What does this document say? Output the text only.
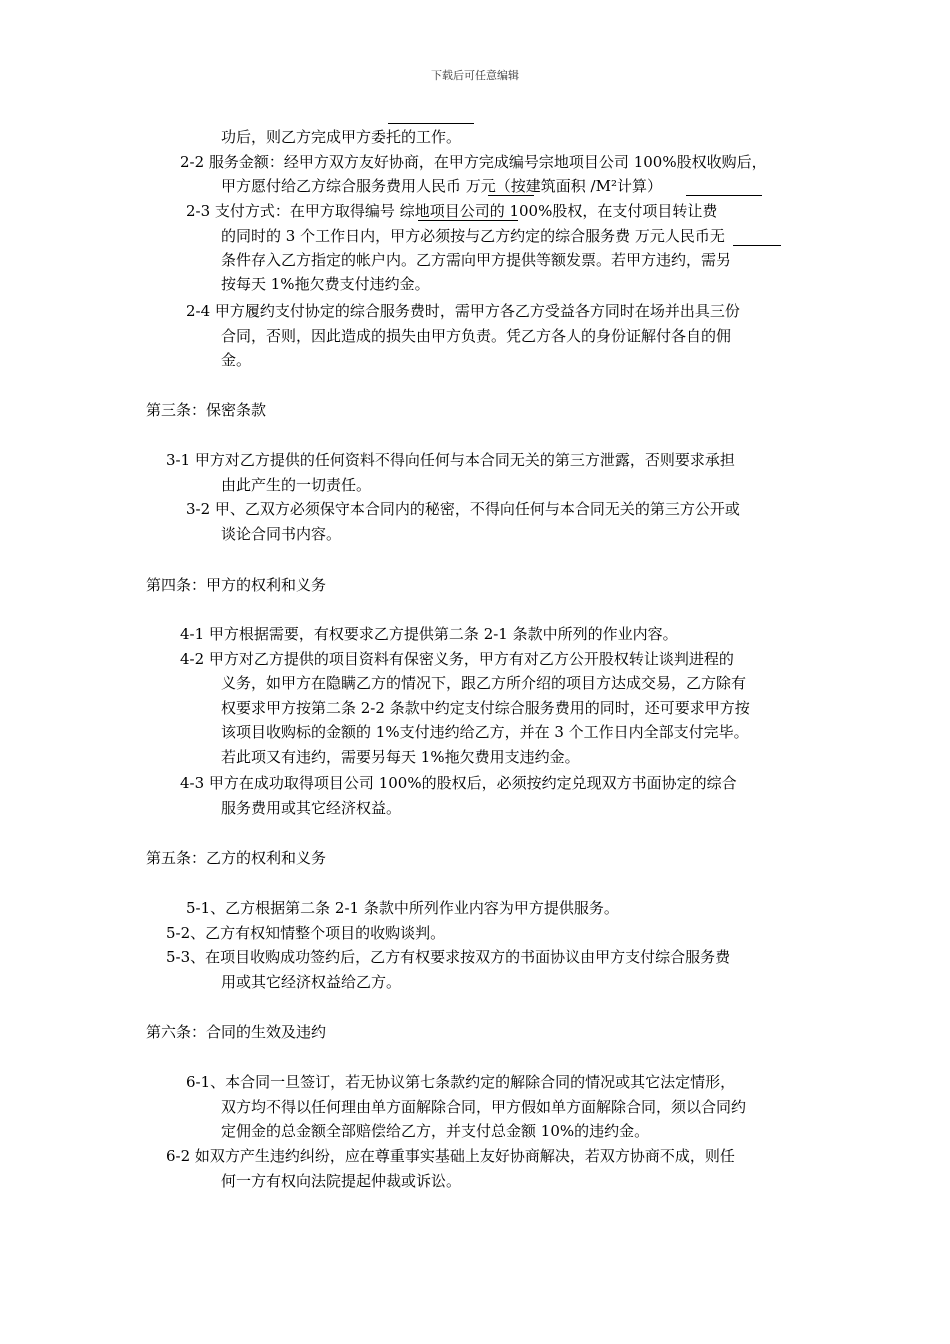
下载后可任意编辑
功后，则乙方完成甲方委托的工作。
2-2 服务金额：经甲方双方友好协商，在甲方完成编号宗地项目公司 100%股权收购后，
甲方愿付给乙方综合服务费用人民币 万元（按建筑面积 /M²计算）
2-3 支付方式：在甲方取得编号 综地项目公司的 100%股权，在支付项目转让费
的同时的 3 个工作日内，甲方必须按与乙方约定的综合服务费 万元人民币无
条件存入乙方指定的帐户内。乙方需向甲方提供等额发票。若甲方违约，需另
按每天 1%拖欠费支付违约金。
2-4 甲方履约支付协定的综合服务费时，需甲方各乙方受益各方同时在场并出具三份
合同，否则，因此造成的损失由甲方负责。凭乙方各人的身份证解付各自的佣
金。
第三条：保密条款
3-1 甲方对乙方提供的任何资料不得向任何与本合同无关的第三方泄露，否则要求承担
由此产生的一切责任。
3-2 甲、乙双方必须保守本合同内的秘密，不得向任何与本合同无关的第三方公开或
谈论合同书内容。
第四条：甲方的权利和义务
4-1 甲方根据需要，有权要求乙方提供第二条 2-1 条款中所列的作业内容。
4-2 甲方对乙方提供的项目资料有保密义务，甲方有对乙方公开股权转让谈判进程的
义务，如甲方在隐瞒乙方的情况下，跟乙方所介绍的项目方达成交易，乙方除有
权要求甲方按第二条 2-2 条款中约定支付综合服务费用的同时，还可要求甲方按
该项目收购标的金额的 1%支付违约给乙方，并在 3 个工作日内全部支付完毕。
若此项又有违约，需要另每天 1%拖欠费用支违约金。
4-3 甲方在成功取得项目公司 100%的股权后，必须按约定兑现双方书面协定的综合
服务费用或其它经济权益。
第五条：乙方的权利和义务
5-1、乙方根据第二条 2-1 条款中所列作业内容为甲方提供服务。
5-2、乙方有权知情整个项目的收购谈判。
5-3、在项目收购成功签约后，乙方有权要求按双方的书面协议由甲方支付综合服务费
用或其它经济权益给乙方。
第六条：合同的生效及违约
6-1、本合同一旦签订，若无协议第七条款约定的解除合同的情况或其它法定情形，
双方均不得以任何理由单方面解除合同，甲方假如单方面解除合同，须以合同约
定佣金的总金额全部赔偿给乙方，并支付总金额 10%的违约金。
6-2 如双方产生违约纠纷，应在尊重事实基础上友好协商解决，若双方协商不成，则任
何一方有权向法院提起仲裁或诉讼。
